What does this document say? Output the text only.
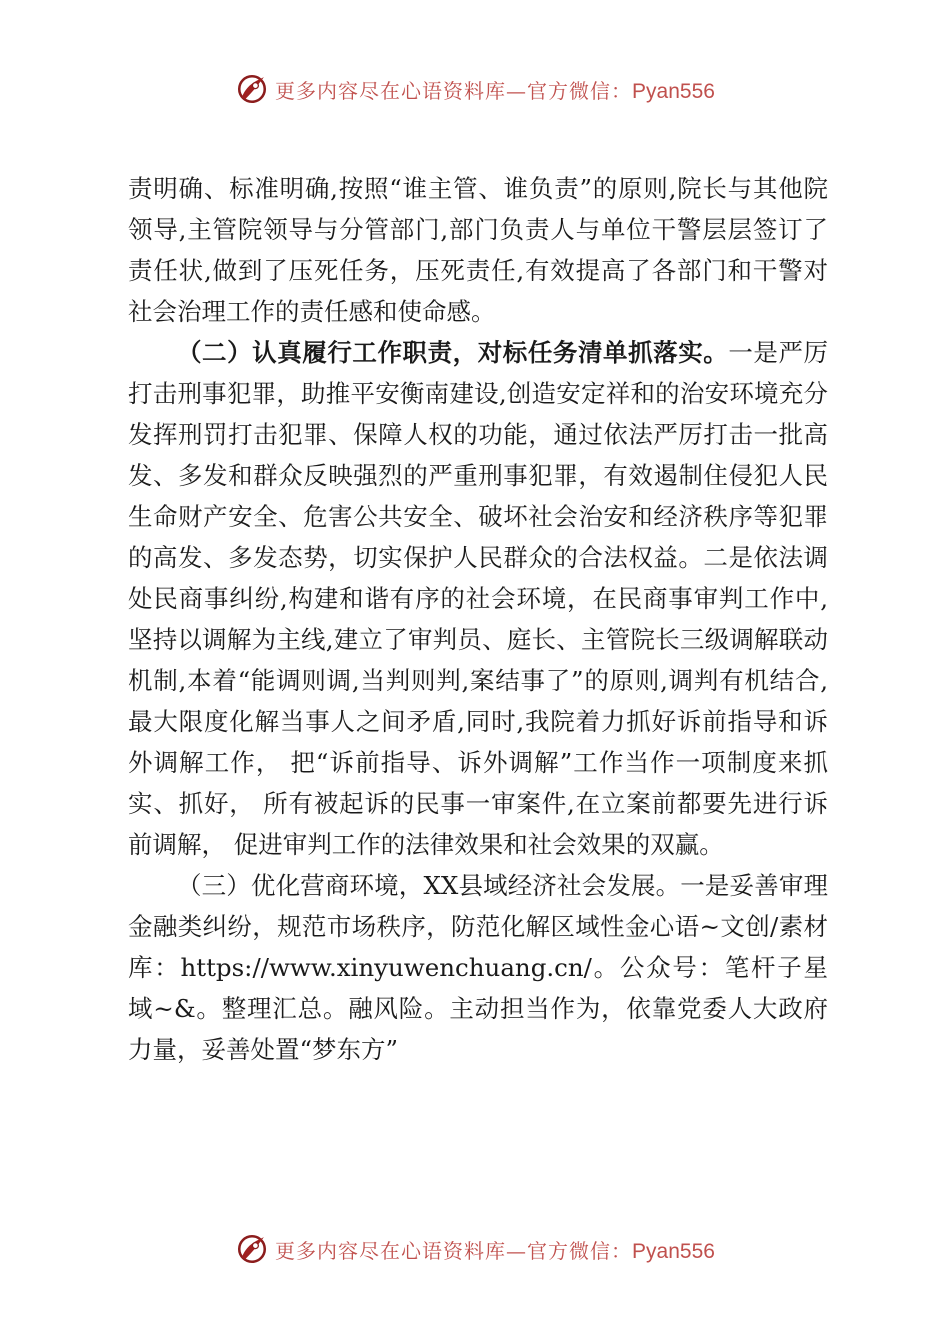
更多内容尽在心语资料库—官方微信：Pyan556

责明确、标准明确,按照“谁主管、谁负责”的原则,院长与其他院领导,主管院领导与分管部门,部门负责人与单位干警层层签订了责任状,做到了压死任务，压死责任,有效提高了各部门和干警对社会治理工作的责任感和使命感。

（二）认真履行工作职责，对标任务清单抓落实。一是严厉打击刑事犯罪，助推平安衡南建设,创造安定祥和的治安环境充分发挥刑罚打击犯罪、保障人权的功能，通过依法严厉打击一批高发、多发和群众反映强烈的严重刑事犯罪，有效遏制住侵犯人民生命财产安全、危害公共安全、破坏社会治安和经济秩序等犯罪的高发、多发态势，切实保护人民群众的合法权益。二是依法调处民商事纠纷,构建和谐有序的社会环境，在民商事审判工作中,坚持以调解为主线,建立了审判员、庭长、主管院长三级调解联动机制,本着“能调则调,当判则判,案结事了”的原则,调判有机结合,最大限度化解当事人之间矛盾,同时,我院着力抓好诉前指导和诉外调解工作， 把“诉前指导、诉外调解”工作当作一项制度来抓实、抓好， 所有被起诉的民事一审案件,在立案前都要先进行诉前调解， 促进审判工作的法律效果和社会效果的双赢。

（三）优化营商环境，XX县域经济社会发展。一是妥善审理金融类纠纷，规范市场秩序，防范化解区域性金心语~文创/素材库：https://www.xinyuwenchuang.cn/。公众号：笔杆子星域~&。整理汇总。融风险。主动担当作为，依靠党委人大政府力量，妥善处置“梦东方”

更多内容尽在心语资料库—官方微信：Pyan556
